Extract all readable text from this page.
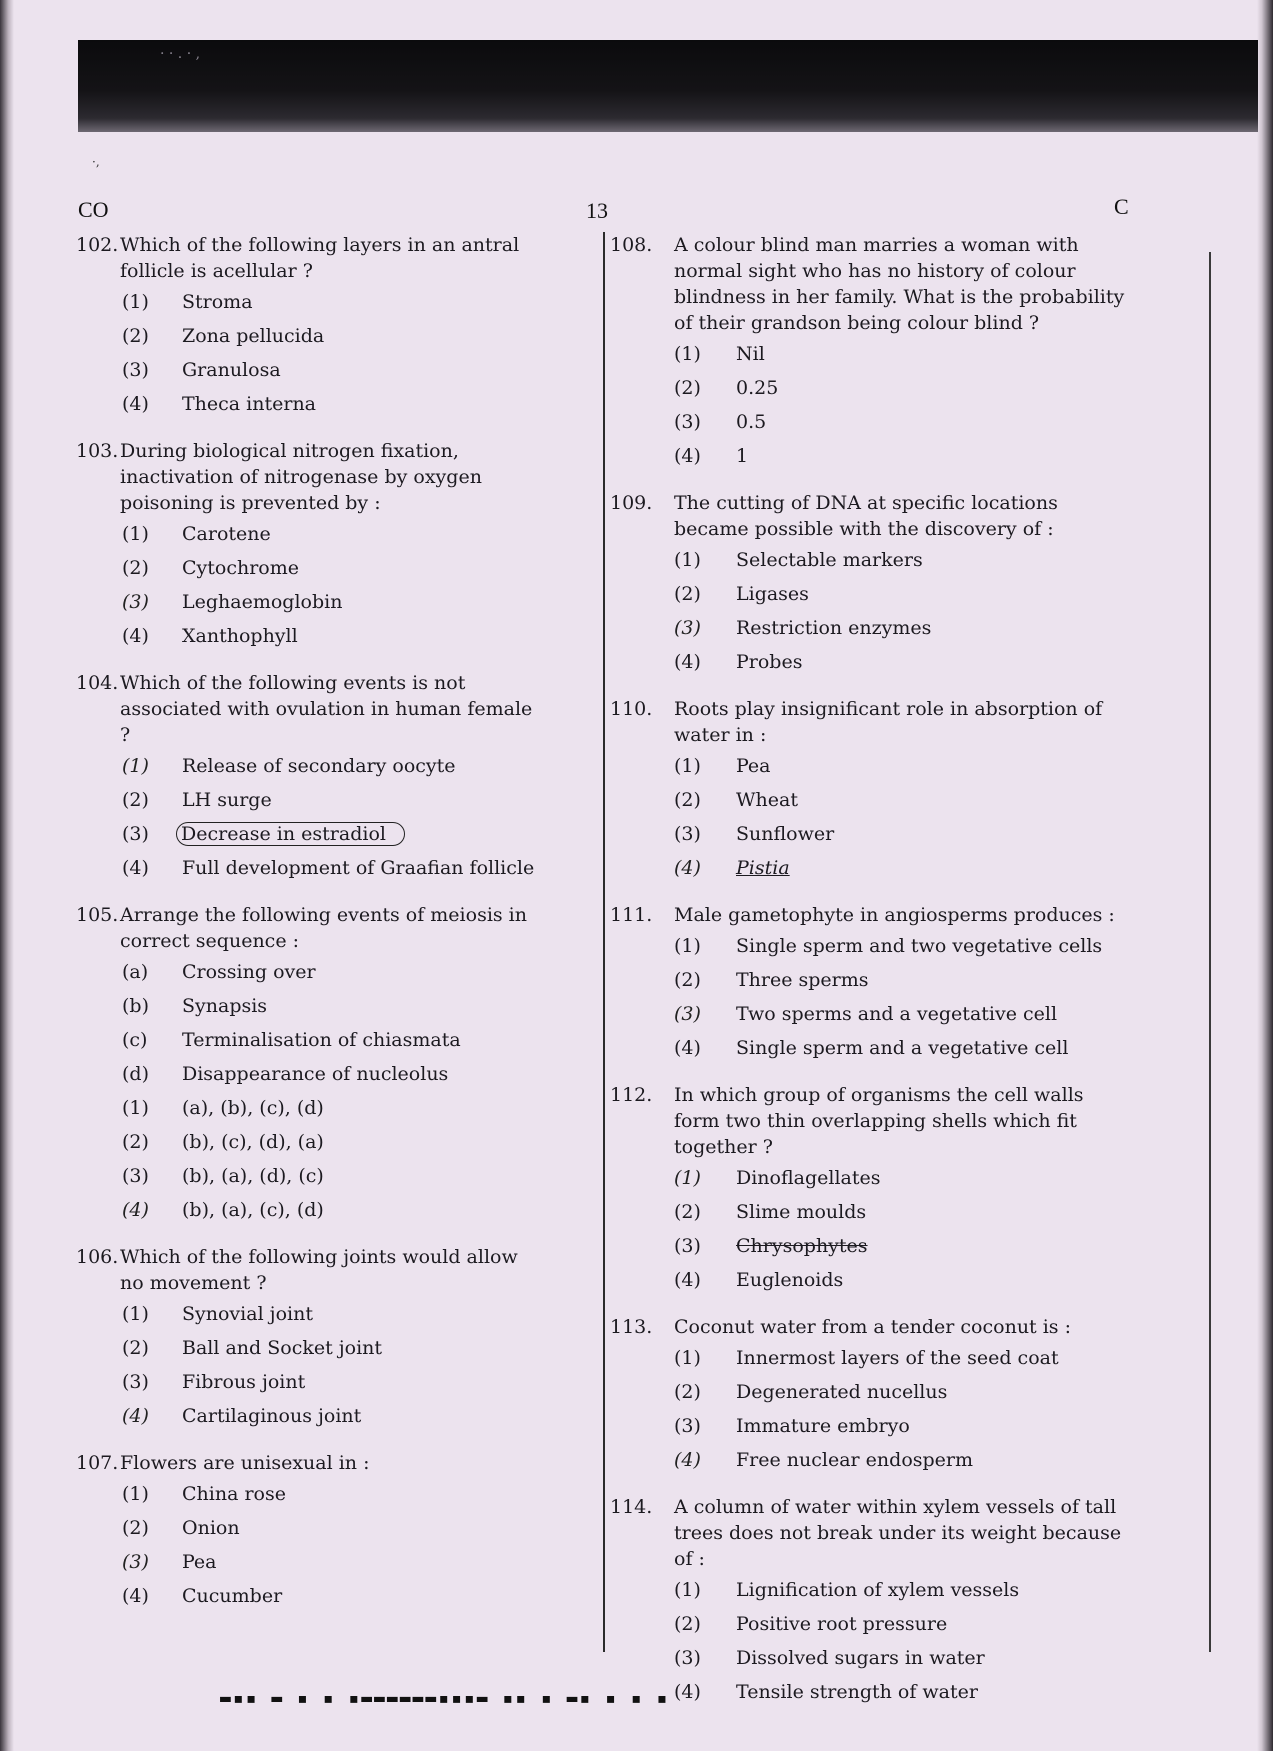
· · . · ,
·,
CO	13	C
102. Which of the following layers in an antral follicle is acellular ?
(1)	Stroma
(2)	Zona pellucida
(3)	Granulosa
(4)	Theca interna
103. During biological nitrogen fixation, inactivation of nitrogenase by oxygen poisoning is prevented by :
(1)	Carotene
(2)	Cytochrome
(3)	Leghaemoglobin
(4)	Xanthophyll
104. Which of the following events is not associated with ovulation in human female ?
(1)	Release of secondary oocyte
(2)	LH surge
(3)	Decrease in estradiol
(4)	Full development of Graafian follicle
105. Arrange the following events of meiosis in correct sequence :
(a)	Crossing over
(b)	Synapsis
(c)	Terminalisation of chiasmata
(d)	Disappearance of nucleolus
(1)	(a), (b), (c), (d)
(2)	(b), (c), (d), (a)
(3)	(b), (a), (d), (c)
(4)	(b), (a), (c), (d)
106. Which of the following joints would allow no movement ?
(1)	Synovial joint
(2)	Ball and Socket joint
(3)	Fibrous joint
(4)	Cartilaginous joint
107. Flowers are unisexual in :
(1)	China rose
(2)	Onion
(3)	Pea
(4)	Cucumber
108.	A colour blind man marries a woman with normal sight who has no history of colour blindness in her family. What is the probability of their grandson being colour blind ?
(1)	Nil
(2)	0.25
(3)	0.5
(4)	1
109.	The cutting of DNA at specific locations became possible with the discovery of :
(1)	Selectable markers
(2)	Ligases
(3)	Restriction enzymes
(4)	Probes
110.	Roots play insignificant role in absorption of water in :
(1)	Pea
(2)	Wheat
(3)	Sunflower
(4)	Pistia
111.	Male gametophyte in angiosperms produces :
(1)	Single sperm and two vegetative cells
(2)	Three sperms
(3)	Two sperms and a vegetative cell
(4)	Single sperm and a vegetative cell
112.	In which group of organisms the cell walls form two thin overlapping shells which fit together ?
(1)	Dinoflagellates
(2)	Slime moulds
(3)	Chrysophytes
(4)	Euglenoids
113.	Coconut water from a tender coconut is :
(1)	Innermost layers of the seed coat
(2)	Degenerated nucellus
(3)	Immature embryo
(4)	Free nuclear endosperm
114.	A column of water within xylem vessels of tall trees does not break under its weight because of :
(1)	Lignification of xylem vessels
(2)	Positive root pressure
(3)	Dissolved sugars in water
(4)	Tensile strength of water
▬▪▪ ▬ ▪ ▪ ▪▬▬▬▬▬▬▪▪▪▬ ▪▪ ▪ ▬▪ ▪ ▪ ▪
